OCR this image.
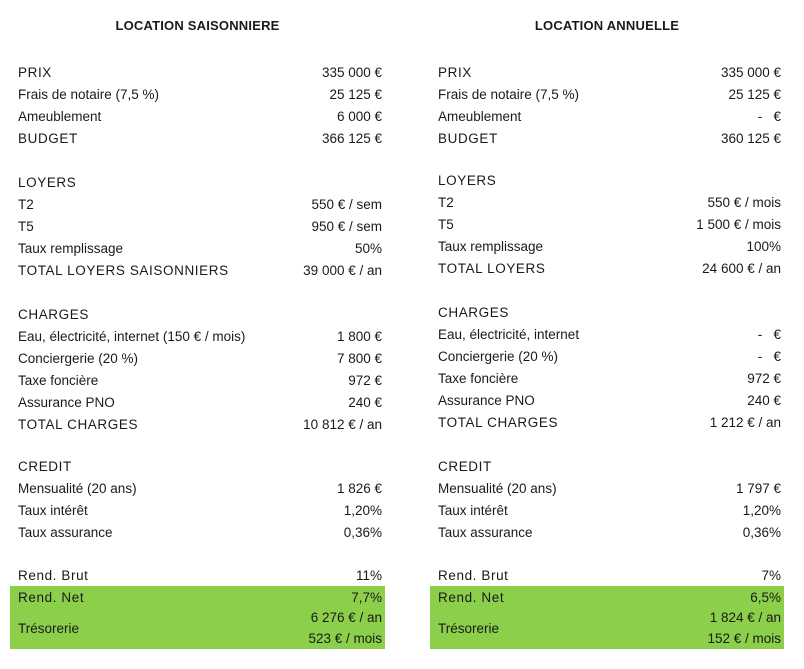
LOCATION SAISONNIERE
PRIX	335 000 €
Frais de notaire (7,5 %)	25 125 €
Ameublement	6 000 €
BUDGET	366 125 €
LOYERS
T2	550 € / sem
T5	950 € / sem
Taux remplissage	50%
TOTAL LOYERS SAISONNIERS	39 000 € / an
CHARGES
Eau, électricité, internet (150 € / mois)	1 800 €
Conciergerie (20 %)	7 800 €
Taxe foncière	972 €
Assurance PNO	240 €
TOTAL CHARGES	10 812 € / an
CREDIT
Mensualité (20 ans)	1 826 €
Taux intérêt	1,20%
Taux assurance	0,36%
Rend. Brut	11%
Rend. Net	7,7%
Trésorerie
6 276 € / an
523 € / mois
LOCATION ANNUELLE
PRIX	335 000 €
Frais de notaire (7,5 %)	25 125 €
Ameublement	-   €
BUDGET	360 125 €
LOYERS
T2	550 € / mois
T5	1 500 € / mois
Taux remplissage	100%
TOTAL LOYERS	24 600 € / an
CHARGES
Eau, électricité, internet	-   €
Conciergerie (20 %)	-   €
Taxe foncière	972 €
Assurance PNO	240 €
TOTAL CHARGES	1 212 € / an
CREDIT
Mensualité (20 ans)	1 797 €
Taux intérêt	1,20%
Taux assurance	0,36%
Rend. Brut	7%
Rend. Net	6,5%
Trésorerie
1 824 € / an
152 € / mois
